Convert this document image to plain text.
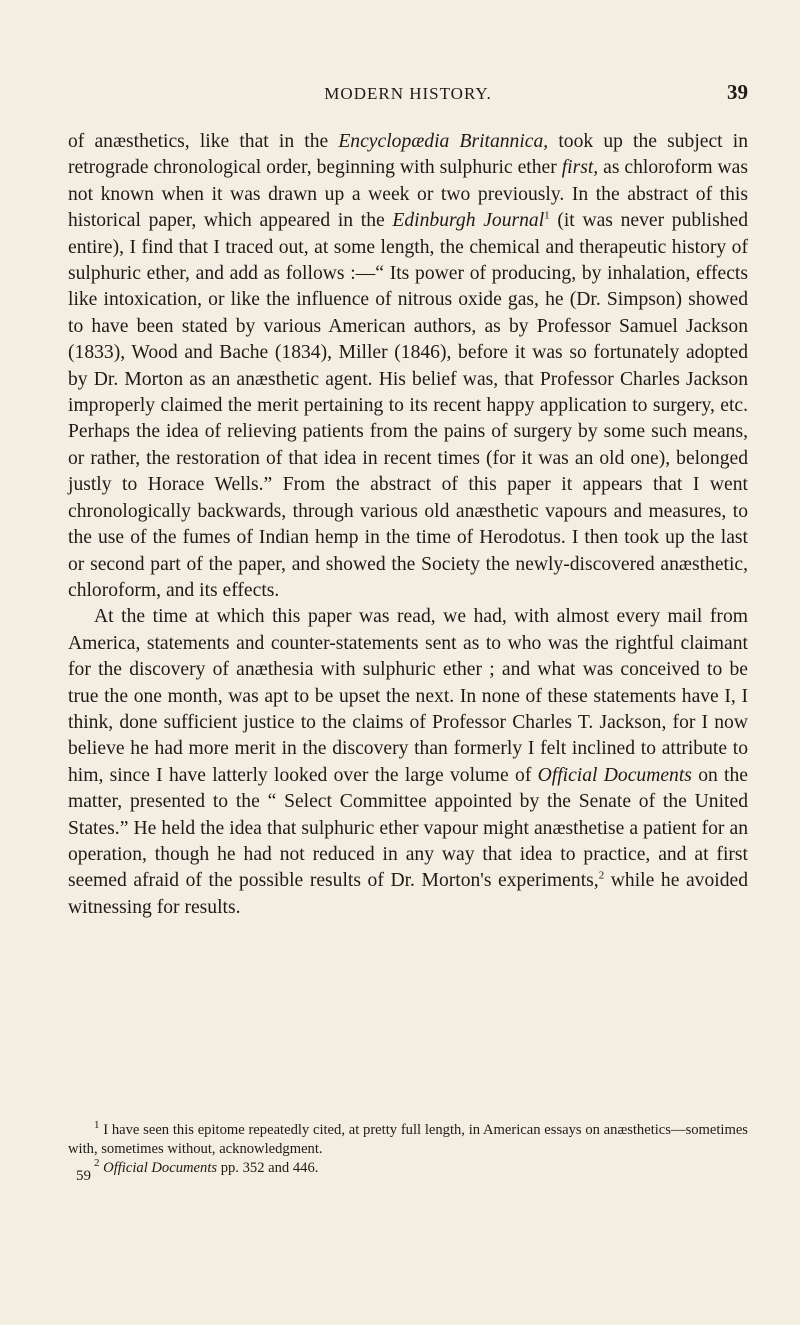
MODERN HISTORY.	39

of anæsthetics, like that in the Encyclopædia Britannica, took up the subject in retrograde chronological order, beginning with sulphuric ether first, as chloroform was not known when it was drawn up a week or two previously. In the abstract of this historical paper, which appeared in the Edinburgh Journal$^1$ (it was never published entire), I find that I traced out, at some length, the chemical and therapeutic history of sulphuric ether, and add as follows :—“ Its power of producing, by inhalation, effects like intoxication, or like the influence of nitrous oxide gas, he (Dr. Simpson) showed to have been stated by various American authors, as by Professor Samuel Jackson (1833), Wood and Bache (1834), Miller (1846), before it was so fortunately adopted by Dr. Morton as an anæsthetic agent. His belief was, that Professor Charles Jackson improperly claimed the merit pertaining to its recent happy application to surgery, etc. Perhaps the idea of relieving patients from the pains of surgery by some such means, or rather, the restoration of that idea in recent times (for it was an old one), belonged justly to Horace Wells.” From the abstract of this paper it appears that I went chronologically backwards, through various old anæsthetic vapours and measures, to the use of the fumes of Indian hemp in the time of Herodotus. I then took up the last or second part of the paper, and showed the Society the newly-discovered anæsthetic, chloroform, and its effects.

At the time at which this paper was read, we had, with almost every mail from America, statements and counter-statements sent as to who was the rightful claimant for the discovery of anæthesia with sulphuric ether ; and what was conceived to be true the one month, was apt to be upset the next. In none of these statements have I, I think, done sufficient justice to the claims of Professor Charles T. Jackson, for I now believe he had more merit in the discovery than formerly I felt inclined to attribute to him, since I have latterly looked over the large volume of Official Documents on the matter, presented to the “ Select Committee appointed by the Senate of the United States.” He held the idea that sulphuric ether vapour might anæsthetise a patient for an operation, though he had not reduced in any way that idea to practice, and at first seemed afraid of the possible results of Dr. Morton's experiments,$^2$ while he avoided witnessing for results.

$^1$ I have seen this epitome repeatedly cited, at pretty full length, in American essays on anæsthetics—sometimes with, sometimes without, acknowledgment.

$^2$ Official Documents pp. 352 and 446.

59
